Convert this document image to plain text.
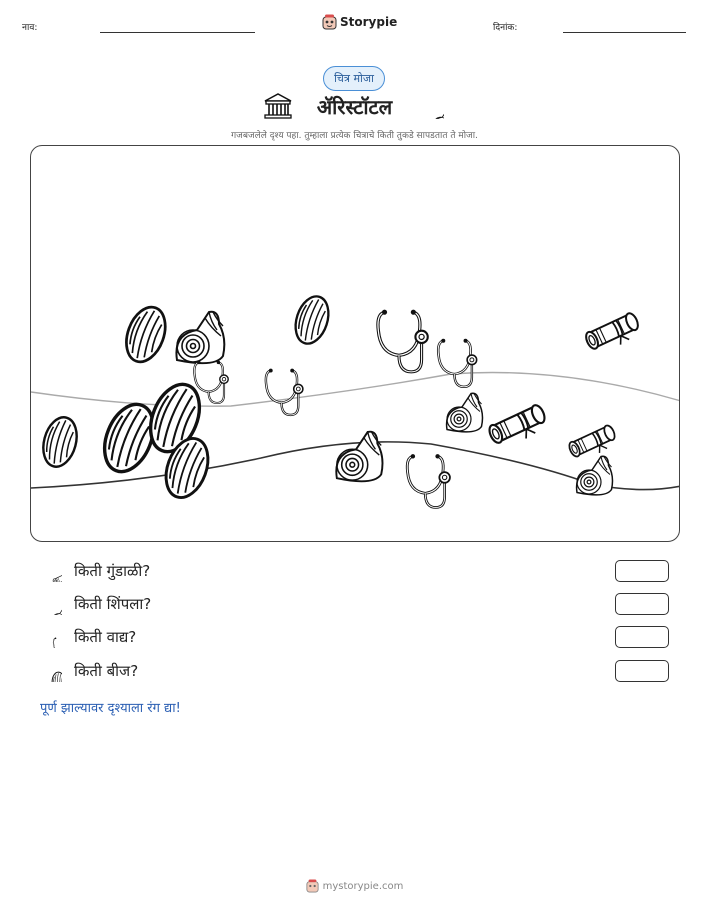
नाव:	Storypie	दिनांक:
चित्र मोजा
ॲरिस्टॉटल
गजबजलेले दृश्य पहा. तुम्हाला प्रत्येक चित्राचे किती तुकडे सापडतात ते मोजा.
किती गुंडाळी?
किती शिंपला?
किती वाद्य?
किती बीज?
पूर्ण झाल्यावर दृश्याला रंग द्या!
mystorypie.com
